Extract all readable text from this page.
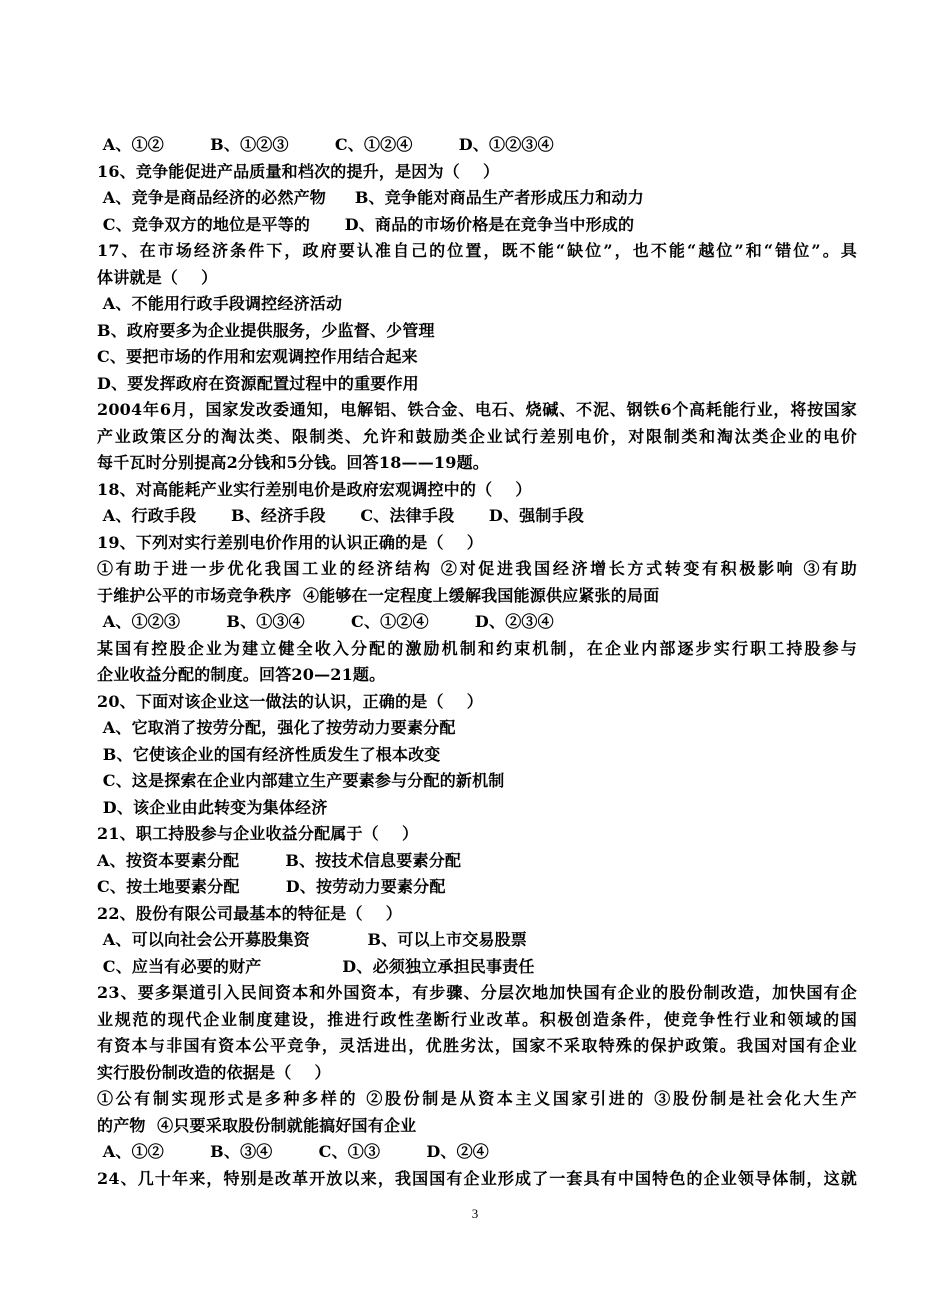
A、①②        B、①②③        C、①②④        D、①②③④
16、竞争能促进产品质量和档次的提升，是因为（    ）
A、竞争是商品经济的必然产物     B、竞争能对商品生产者形成压力和动力
C、竞争双方的地位是平等的      D、商品的市场价格是在竞争当中形成的
17、在市场经济条件下，政府要认准自己的位置，既不能“缺位”，也不能“越位”和“错位”。具
体讲就是（    ）
A、不能用行政手段调控经济活动
B、政府要多为企业提供服务，少监督、少管理
C、要把市场的作用和宏观调控作用结合起来
D、要发挥政府在资源配置过程中的重要作用
2004年6月，国家发改委通知，电解铝、铁合金、电石、烧碱、不泥、钢铁6个高耗能行业，将按国家
产业政策区分的淘汰类、限制类、允许和鼓励类企业试行差别电价，对限制类和淘汰类企业的电价
每千瓦时分别提高2分钱和5分钱。回答18——19题。
18、对高能耗产业实行差别电价是政府宏观调控中的（    ）
A、行政手段      B、经济手段      C、法律手段      D、强制手段
19、下列对实行差别电价作用的认识正确的是（    ）
①有助于进一步优化我国工业的经济结构 ②对促进我国经济增长方式转变有积极影响 ③有助
于维护公平的市场竞争秩序  ④能够在一定程度上缓解我国能源供应紧张的局面
A、①②③        B、①③④        C、①②④        D、②③④
某国有控股企业为建立健全收入分配的激励机制和约束机制，在企业内部逐步实行职工持股参与
企业收益分配的制度。回答20—21题。
20、下面对该企业这一做法的认识，正确的是（    ）
A、它取消了按劳分配，强化了按劳动力要素分配
B、它使该企业的国有经济性质发生了根本改变
C、这是探索在企业内部建立生产要素参与分配的新机制
D、该企业由此转变为集体经济
21、职工持股参与企业收益分配属于（    ）
A、按资本要素分配        B、按技术信息要素分配
C、按土地要素分配        D、按劳动力要素分配
22、股份有限公司最基本的特征是（    ）
A、可以向社会公开募股集资          B、可以上市交易股票
C、应当有必要的财产              D、必须独立承担民事责任
23、要多渠道引入民间资本和外国资本，有步骤、分层次地加快国有企业的股份制改造，加快国有企
业规范的现代企业制度建设，推进行政性垄断行业改革。积极创造条件，使竞争性行业和领域的国
有资本与非国有资本公平竞争，灵活进出，优胜劣汰，国家不采取特殊的保护政策。我国对国有企业
实行股份制改造的依据是（    ）
①公有制实现形式是多种多样的 ②股份制是从资本主义国家引进的 ③股份制是社会化大生产
的产物  ④只要采取股份制就能搞好国有企业
A、①②        B、③④        C、①③        D、②④
24、几十年来，特别是改革开放以来，我国国有企业形成了一套具有中国特色的企业领导体制，这就
3
